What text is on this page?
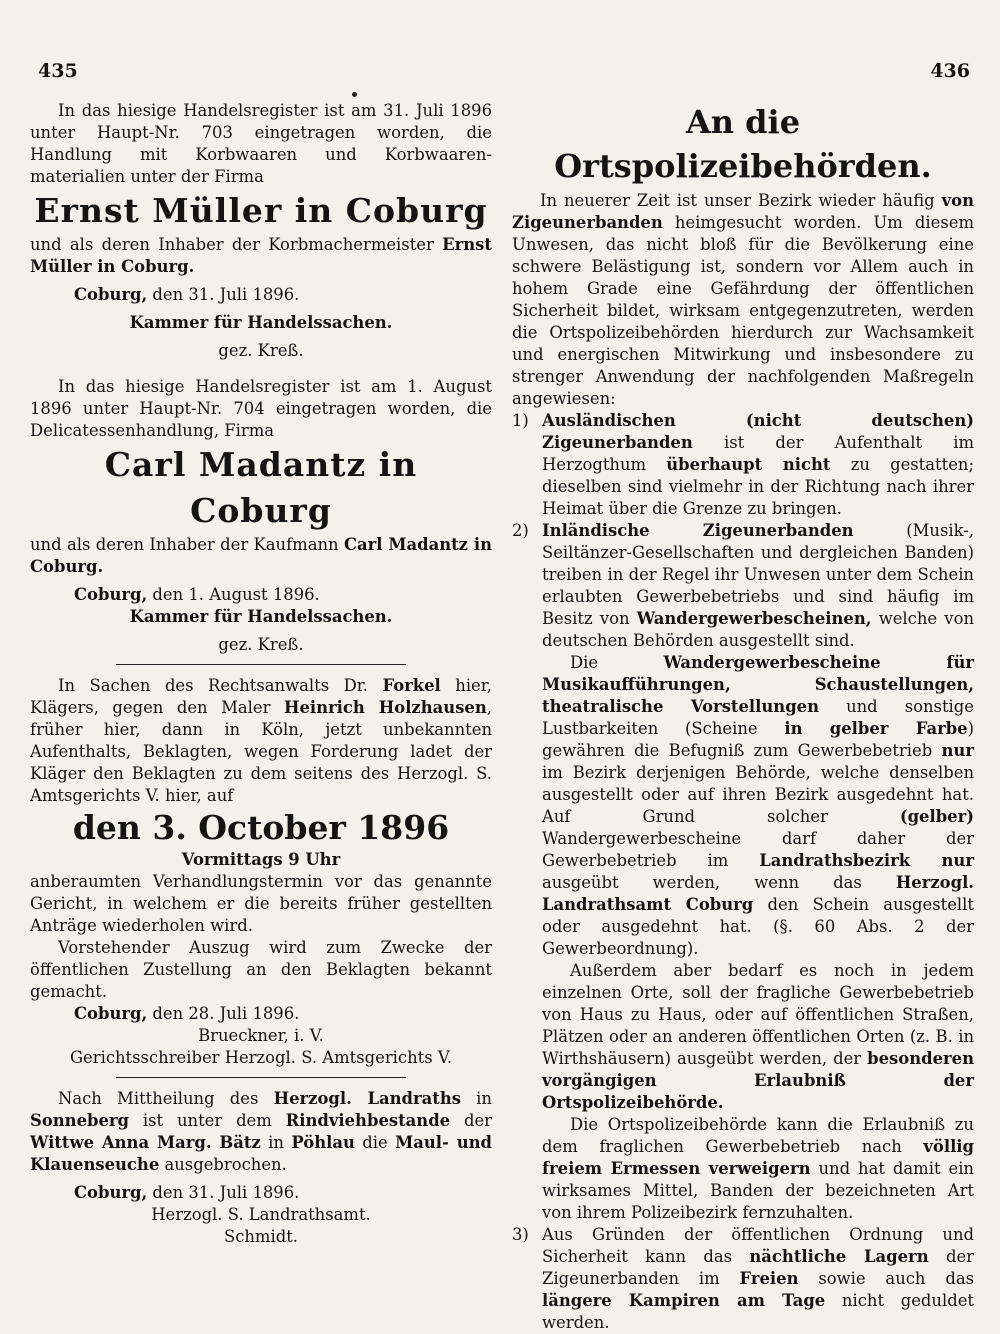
435	436

In das hiesige Handelsregister ist am 31. Juli 1896 unter Haupt-Nr. 703 eingetragen worden, die Handlung mit Korbwaaren und Korbwaaren-materialien unter der Firma

Ernst Müller in Coburg

und als deren Inhaber der Korbmachermeister Ernst Müller in Coburg.

Coburg, den 31. Juli 1896.

Kammer für Handelssachen.

gez. Kreß.

In das hiesige Handelsregister ist am 1. August 1896 unter Haupt-Nr. 704 eingetragen worden, die Delicatessenhandlung, Firma

Carl Madantz in Coburg

und als deren Inhaber der Kaufmann Carl Madantz in Coburg.

Coburg, den 1. August 1896.

Kammer für Handelssachen.

gez. Kreß.

In Sachen des Rechtsanwalts Dr. Forkel hier, Klägers, gegen den Maler Heinrich Holzhausen, früher hier, dann in Köln, jetzt unbekannten Aufenthalts, Beklagten, wegen Forderung ladet der Kläger den Beklagten zu dem seitens des Herzogl. S. Amtsgerichts V. hier, auf

den 3. October 1896

Vormittags 9 Uhr

anberaumten Verhandlungstermin vor das genannte Gericht, in welchem er die bereits früher gestellten Anträge wiederholen wird.

Vorstehender Auszug wird zum Zwecke der öffentlichen Zustellung an den Beklagten bekannt gemacht.

Coburg, den 28. Juli 1896.

Brueckner, i. V.

Gerichtsschreiber Herzogl. S. Amtsgerichts V.

Nach Mittheilung des Herzogl. Landraths in Sonneberg ist unter dem Rindviehbestande der Wittwe Anna Marg. Bätz in Pöhlau die Maul- und Klauenseuche ausgebrochen.

Coburg, den 31. Juli 1896.

Herzogl. S. Landrathsamt.

Schmidt.

An die Ortspolizeibehörden.

In neuerer Zeit ist unser Bezirk wieder häufig von Zigeunerbanden heimgesucht worden. Um diesem Unwesen, das nicht bloß für die Bevölkerung eine schwere Belästigung ist, sondern vor Allem auch in hohem Grade eine Gefährdung der öffentlichen Sicherheit bildet, wirksam entgegenzutreten, werden die Ortspolizeibehörden hierdurch zur Wachsamkeit und energischen Mitwirkung und insbesondere zu strenger Anwendung der nachfolgenden Maßregeln angewiesen:

1) Ausländischen (nicht deutschen) Zigeunerbanden ist der Aufenthalt im Herzogthum überhaupt nicht zu gestatten; dieselben sind vielmehr in der Richtung nach ihrer Heimat über die Grenze zu bringen.

2) Inländische Zigeunerbanden (Musik-, Seiltänzer-Gesellschaften und dergleichen Banden) treiben in der Regel ihr Unwesen unter dem Schein erlaubten Gewerbebetriebs und sind häufig im Besitz von Wandergewerbescheinen, welche von deutschen Behörden ausgestellt sind.

Die Wandergewerbescheine für Musikaufführungen, Schaustellungen, theatralische Vorstellungen und sonstige Lustbarkeiten (Scheine in gelber Farbe) gewähren die Befugniß zum Gewerbebetrieb nur im Bezirk derjenigen Behörde, welche denselben ausgestellt oder auf ihren Bezirk ausgedehnt hat. Auf Grund solcher (gelber) Wandergewerbescheine darf daher der Gewerbebetrieb im Landrathsbezirk nur ausgeübt werden, wenn das Herzogl. Landrathsamt Coburg den Schein ausgestellt oder ausgedehnt hat. (§. 60 Abs. 2 der Gewerbeordnung).

Außerdem aber bedarf es noch in jedem einzelnen Orte, soll der fragliche Gewerbebetrieb von Haus zu Haus, oder auf öffentlichen Straßen, Plätzen oder an anderen öffentlichen Orten (z. B. in Wirthshäusern) ausgeübt werden, der besonderen vorgängigen Erlaubniß der Ortspolizeibehörde.

Die Ortspolizeibehörde kann die Erlaubniß zu dem fraglichen Gewerbebetrieb nach völlig freiem Ermessen verweigern und hat damit ein wirksames Mittel, Banden der bezeichneten Art von ihrem Polizeibezirk fernzuhalten.

3) Aus Gründen der öffentlichen Ordnung und Sicherheit kann das nächtliche Lagern der Zigeunerbanden im Freien sowie auch das längere Kampiren am Tage nicht geduldet werden.
